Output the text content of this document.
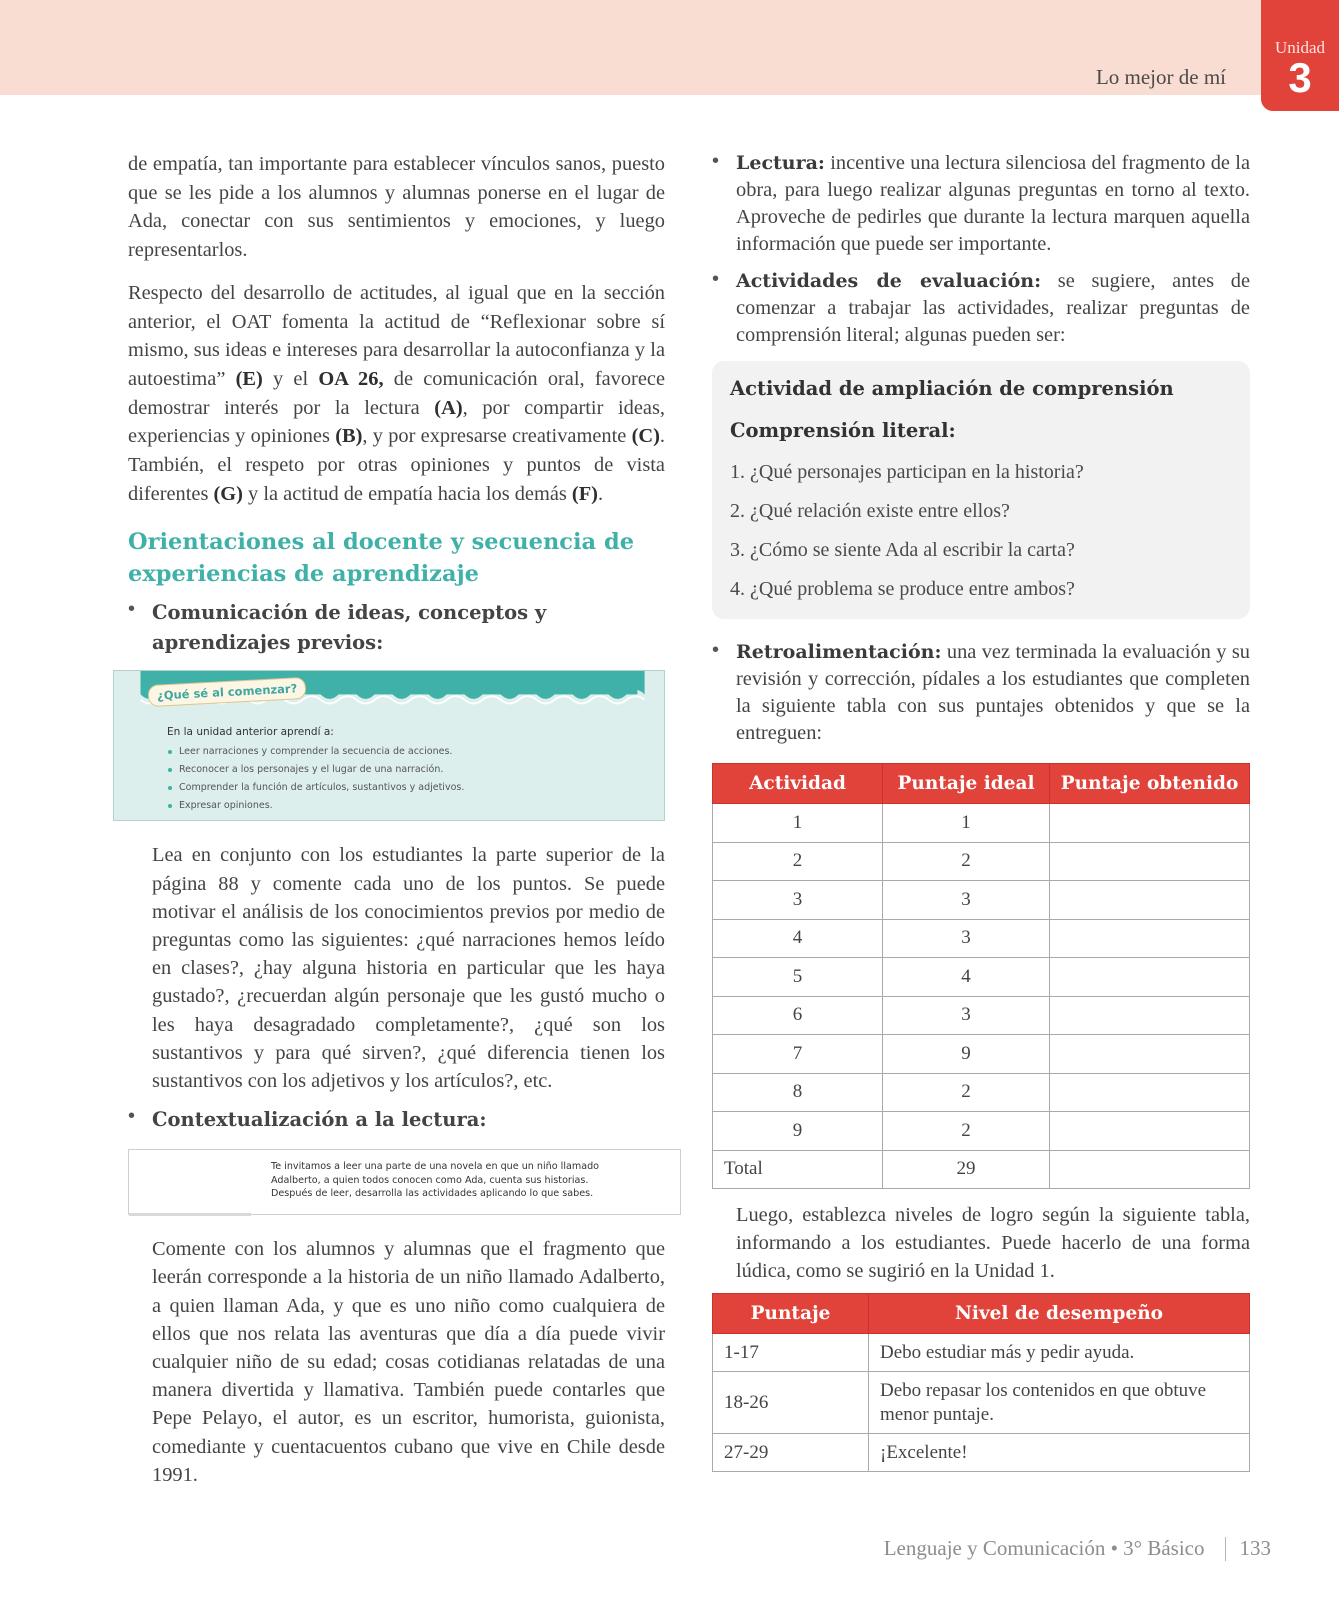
Lo mejor de mí
Unidad
3

de empatía, tan importante para establecer vínculos sanos, puesto que se les pide a los alumnos y alumnas ponerse en el lugar de Ada, conectar con sus sentimientos y emociones, y luego representarlos.

Respecto del desarrollo de actitudes, al igual que en la sección anterior, el OAT fomenta la actitud de “Reflexionar sobre sí mismo, sus ideas e intereses para desarrollar la autoconfianza y la autoestima” (E) y el OA 26, de comunicación oral, favorece demostrar interés por la lectura (A), por compartir ideas, experiencias y opiniones (B), y por expresarse creativamente (C). También, el respeto por otras opiniones y puntos de vista diferentes (G) y la actitud de empatía hacia los demás (F).

Orientaciones al docente y secuencia de experiencias de aprendizaje
• Comunicación de ideas, conceptos y aprendizajes previos:
¿Qué sé al comenzar?
En la unidad anterior aprendí a:
Leer narraciones y comprender la secuencia de acciones.
Reconocer a los personajes y el lugar de una narración.
Comprender la función de artículos, sustantivos y adjetivos.
Expresar opiniones.

Lea en conjunto con los estudiantes la parte superior de la página 88 y comente cada uno de los puntos. Se puede motivar el análisis de los conocimientos previos por medio de preguntas como las siguientes: ¿qué narraciones hemos leído en clases?, ¿hay alguna historia en particular que les haya gustado?, ¿recuerdan algún personaje que les gustó mucho o les haya desagradado completamente?, ¿qué son los sustantivos y para qué sirven?, ¿qué diferencia tienen los sustantivos con los adjetivos y los artículos?, etc.

• Contextualización a la lectura:
Te invitamos a leer una parte de una novela en que un niño llamado Adalberto, a quien todos conocen como Ada, cuenta sus historias. Después de leer, desarrolla las actividades aplicando lo que sabes.

Comente con los alumnos y alumnas que el fragmento que leerán corresponde a la historia de un niño llamado Adalberto, a quien llaman Ada, y que es uno niño como cualquiera de ellos que nos relata las aventuras que día a día puede vivir cualquier niño de su edad; cosas cotidianas relatadas de una manera divertida y llamativa. También puede contarles que Pepe Pelayo, el autor, es un escritor, humorista, guionista, comediante y cuentacuentos cubano que vive en Chile desde 1991.

• Lectura: incentive una lectura silenciosa del fragmento de la obra, para luego realizar algunas preguntas en torno al texto. Aproveche de pedirles que durante la lectura marquen aquella información que puede ser importante.

• Actividades de evaluación: se sugiere, antes de comenzar a trabajar las actividades, realizar preguntas de comprensión literal; algunas pueden ser:

Actividad de ampliación de comprensión
Comprensión literal:
1. ¿Qué personajes participan en la historia?
2. ¿Qué relación existe entre ellos?
3. ¿Cómo se siente Ada al escribir la carta?
4. ¿Qué problema se produce entre ambos?

• Retroalimentación: una vez terminada la evaluación y su revisión y corrección, pídales a los estudiantes que completen la siguiente tabla con sus puntajes obtenidos y que se la entreguen:

Actividad	Puntaje ideal	Puntaje obtenido
1	1	
2	2	
3	3	
4	3	
5	4	
6	3	
7	9	
8	2	
9	2	
Total	29	

Luego, establezca niveles de logro según la siguiente tabla, informando a los estudiantes. Puede hacerlo de una forma lúdica, como se sugirió en la Unidad 1.

Puntaje	Nivel de desempeño
1-17	Debo estudiar más y pedir ayuda.
18-26	Debo repasar los contenidos en que obtuve menor puntaje.
27-29	¡Excelente!
Lenguaje y Comunicación • 3° Básico 133
